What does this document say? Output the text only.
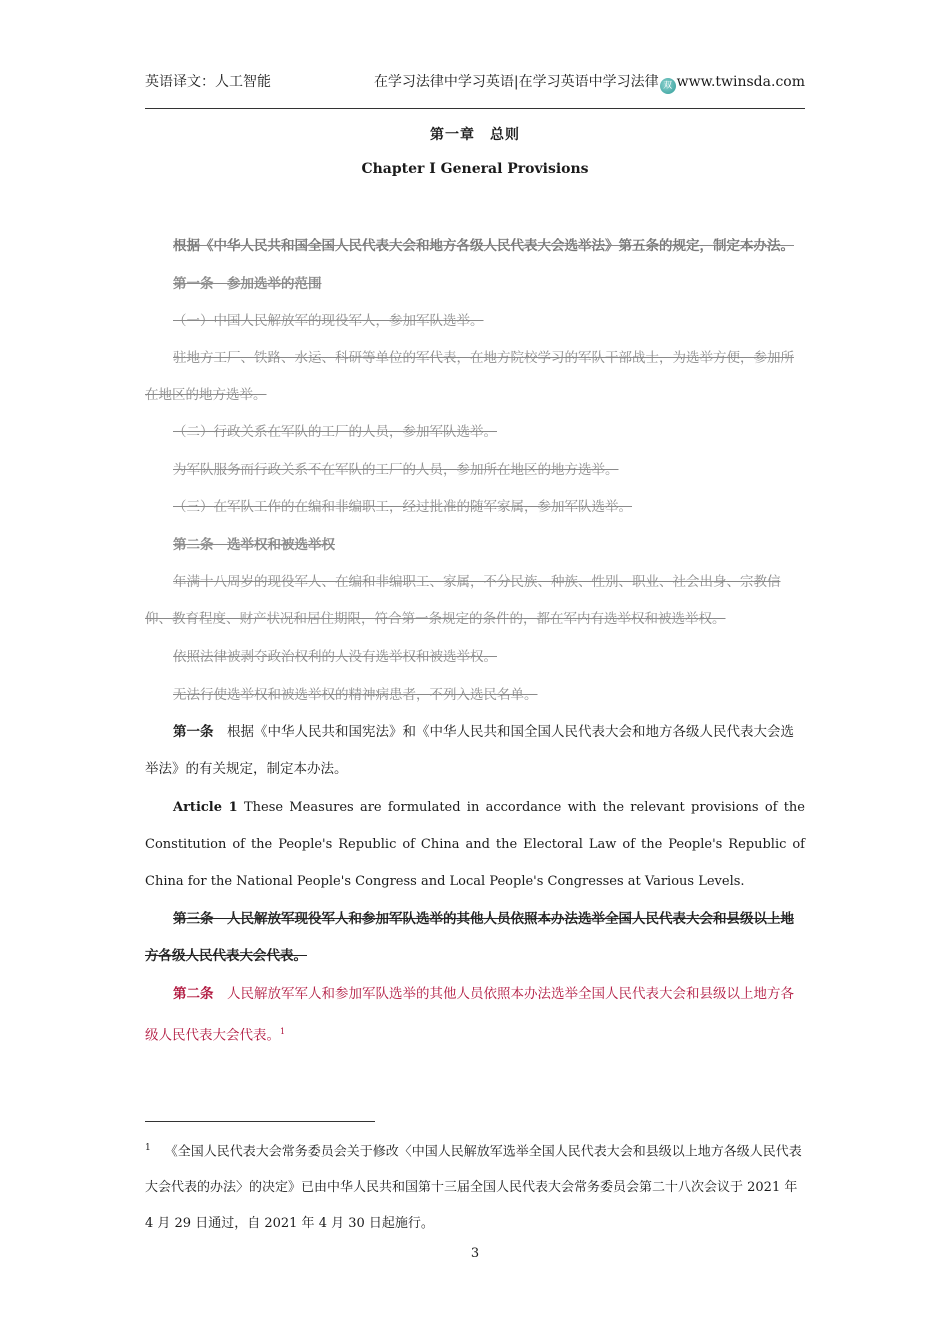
英语译文：人工智能	在学习法律中学习英语|在学习英语中学习法律 双 www.twinsda.com
第一章　总则
Chapter I General Provisions
根据《中华人民共和国全国人民代表大会和地方各级人民代表大会选举法》第五条的规定，制定本办法。
第一条　参加选举的范围
（一）中国人民解放军的现役军人，参加军队选举。
驻地方工厂、铁路、水运、科研等单位的军代表，在地方院校学习的军队干部战士，为选举方便，参加所在地区的地方选举。
（二）行政关系在军队的工厂的人员，参加军队选举。
为军队服务而行政关系不在军队的工厂的人员，参加所在地区的地方选举。
（三）在军队工作的在编和非编职工，经过批准的随军家属，参加军队选举。
第二条　选举权和被选举权
年满十八周岁的现役军人、在编和非编职工、家属，不分民族、种族、性别、职业、社会出身、宗教信仰、教育程度、财产状况和居住期限，符合第一条规定的条件的，都在军内有选举权和被选举权。
依照法律被剥夺政治权利的人没有选举权和被选举权。
无法行使选举权和被选举权的精神病患者，不列入选民名单。
第一条　根据《中华人民共和国宪法》和《中华人民共和国全国人民代表大会和地方各级人民代表大会选举法》的有关规定，制定本办法。
Article 1 These Measures are formulated in accordance with the relevant provisions of the Constitution of the People's Republic of China and the Electoral Law of the People's Republic of China for the National People's Congress and Local People's Congresses at Various Levels.
第三条　人民解放军现役军人和参加军队选举的其他人员依照本办法选举全国人民代表大会和县级以上地方各级人民代表大会代表。
第二条　人民解放军军人和参加军队选举的其他人员依照本办法选举全国人民代表大会和县级以上地方各级人民代表大会代表。$^1$
$^1$ 《全国人民代表大会常务委员会关于修改〈中国人民解放军选举全国人民代表大会和县级以上地方各级人民代表大会代表的办法〉的决定》已由中华人民共和国第十三届全国人民代表大会常务委员会第二十八次会议于 2021 年 4 月 29 日通过，自 2021 年 4 月 30 日起施行。
3
